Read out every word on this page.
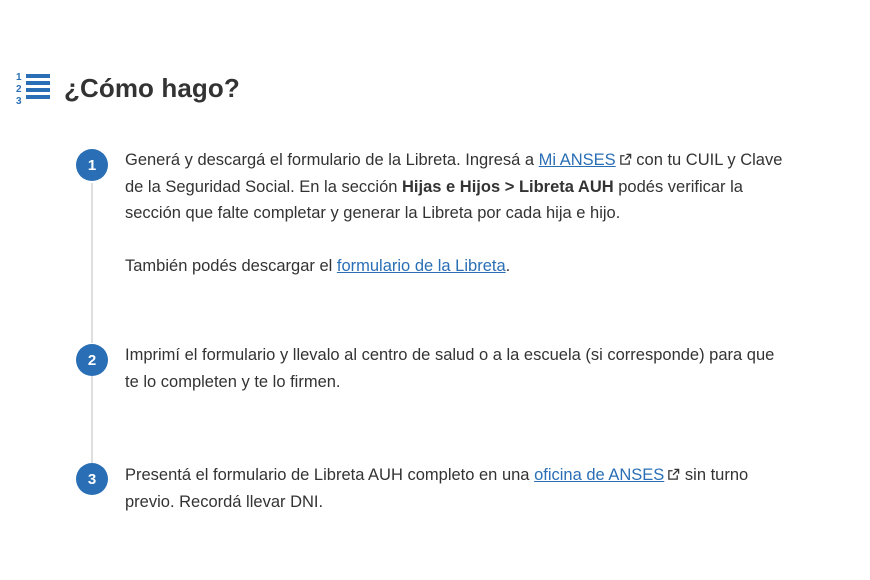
1
2
3 ¿Cómo hago?
1	Generá y descargá el formulario de la Libreta. Ingresá a Mi ANSES con tu CUIL y Clave de la Seguridad Social. En la sección Hijas e Hijos > Libreta AUH podés verificar la sección que falte completar y generar la Libreta por cada hija e hijo.

También podés descargar el formulario de la Libreta.

2	Imprimí el formulario y llevalo al centro de salud o a la escuela (si corresponde) para que te lo completen y te lo firmen.

3	Presentá el formulario de Libreta AUH completo en una oficina de ANSES sin turno previo. Recordá llevar DNI.
